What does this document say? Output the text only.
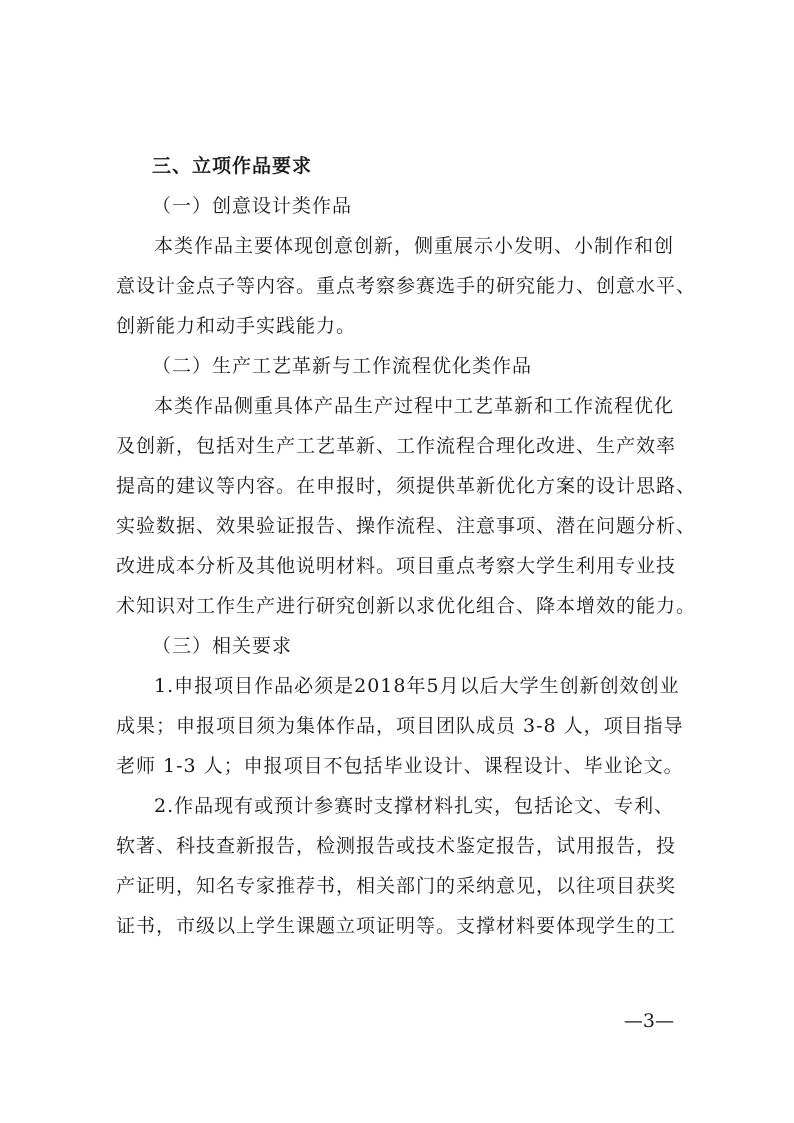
三、立项作品要求
（一）创意设计类作品

本类作品主要体现创意创新，侧重展示小发明、小制作和创
意设计金点子等内容。重点考察参赛选手的研究能力、创意水平、
创新能力和动手实践能力。

（二）生产工艺革新与工作流程优化类作品

本类作品侧重具体产品生产过程中工艺革新和工作流程优化
及创新，包括对生产工艺革新、工作流程合理化改进、生产效率
提高的建议等内容。在申报时，须提供革新优化方案的设计思路、
实验数据、效果验证报告、操作流程、注意事项、潜在问题分析、
改进成本分析及其他说明材料。项目重点考察大学生利用专业技
术知识对工作生产进行研究创新以求优化组合、降本增效的能力。

（三）相关要求

1.申报项目作品必须是2018年5月以后大学生创新创效创业
成果；申报项目须为集体作品，项目团队成员 3-8 人，项目指导
老师 1-3 人；申报项目不包括毕业设计、课程设计、毕业论文。

2.作品现有或预计参赛时支撑材料扎实，包括论文、专利、
软著、科技查新报告，检测报告或技术鉴定报告，试用报告，投
产证明，知名专家推荐书，相关部门的采纳意见，以往项目获奖
证书，市级以上学生课题立项证明等。支撑材料要体现学生的工

—3—
